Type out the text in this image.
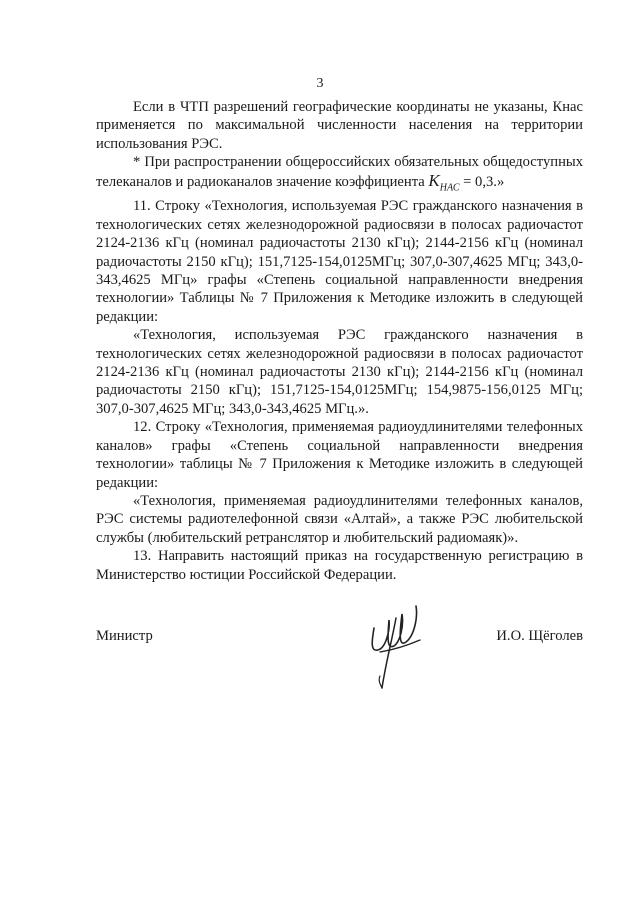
3

Если в ЧТП разрешений географические координаты не указаны, Кнас применяется по максимальной численности населения на территории использования РЭС.

* При распространении общероссийских обязательных общедоступных телеканалов и радиоканалов значение коэффициента $K_{НАС} = 0,3$.»

11. Строку «Технология, используемая РЭС гражданского назначения в технологических сетях железнодорожной радиосвязи в полосах радиочастот 2124-2136 кГц (номинал радиочастоты 2130 кГц); 2144-2156 кГц (номинал радиочастоты 2150 кГц); 151,7125-154,0125МГц; 307,0-307,4625 МГц; 343,0-343,4625 МГц» графы «Степень социальной направленности внедрения технологии» Таблицы № 7 Приложения к Методике изложить в следующей редакции:

«Технология, используемая РЭС гражданского назначения в технологических сетях железнодорожной радиосвязи в полосах радиочастот 2124-2136 кГц (номинал радиочастоты 2130 кГц); 2144-2156 кГц (номинал радиочастоты 2150 кГц); 151,7125-154,0125МГц; 154,9875-156,0125 МГц; 307,0-307,4625 МГц; 343,0-343,4625 МГц.».

12. Строку «Технология, применяемая радиоудлинителями телефонных каналов» графы «Степень социальной направленности внедрения технологии» таблицы № 7 Приложения к Методике изложить в следующей редакции:

«Технология, применяемая радиоудлинителями телефонных каналов, РЭС системы радиотелефонной связи «Алтай», а также РЭС любительской службы (любительский ретранслятор и любительский радиомаяк)».

13. Направить настоящий приказ на государственную регистрацию в Министерство юстиции Российской Федерации.

Министр	И.О. Щёголев
